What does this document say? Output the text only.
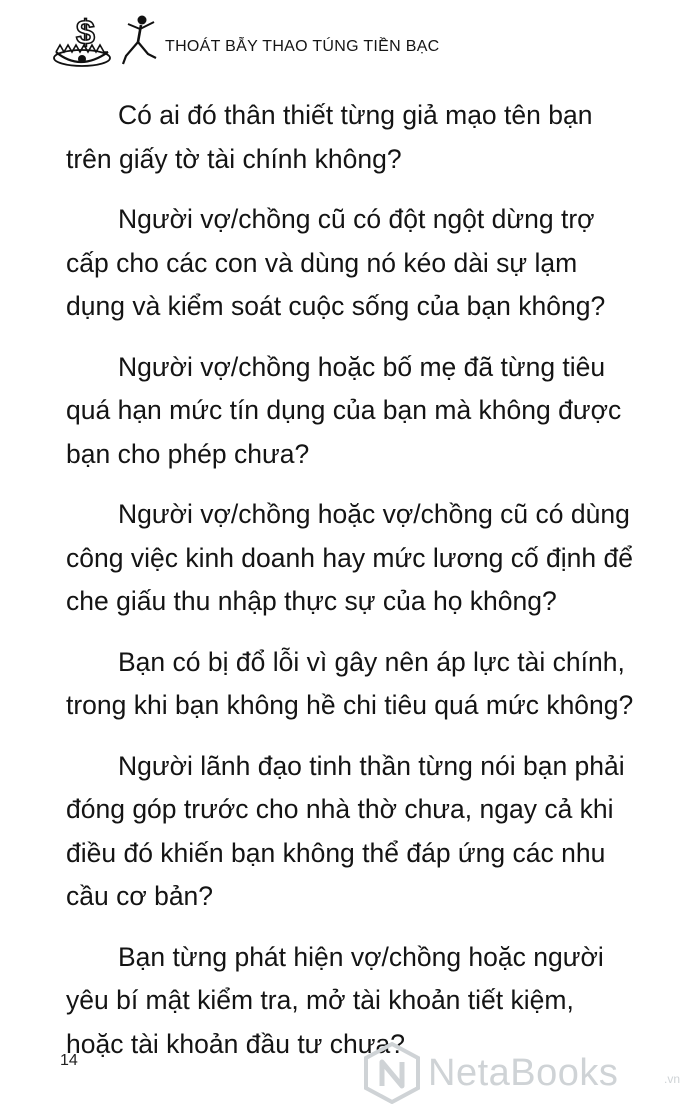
$	THOÁT BẪY THAO TÚNG TIỀN BẠC

Có ai đó thân thiết từng giả mạo tên bạn trên giấy tờ tài chính không?

Người vợ/chồng cũ có đột ngột dừng trợ cấp cho các con và dùng nó kéo dài sự lạm dụng và kiểm soát cuộc sống của bạn không?

Người vợ/chồng hoặc bố mẹ đã từng tiêu quá hạn mức tín dụng của bạn mà không được bạn cho phép chưa?

Người vợ/chồng hoặc vợ/chồng cũ có dùng công việc kinh doanh hay mức lương cố định để che giấu thu nhập thực sự của họ không?

Bạn có bị đổ lỗi vì gây nên áp lực tài chính, trong khi bạn không hề chi tiêu quá mức không?

Người lãnh đạo tinh thần từng nói bạn phải đóng góp trước cho nhà thờ chưa, ngay cả khi điều đó khiến bạn không thể đáp ứng các nhu cầu cơ bản?

Bạn từng phát hiện vợ/chồng hoặc người yêu bí mật kiểm tra, mở tài khoản tiết kiệm, hoặc tài khoản đầu tư chưa?

14	NetaBooks	.vn
